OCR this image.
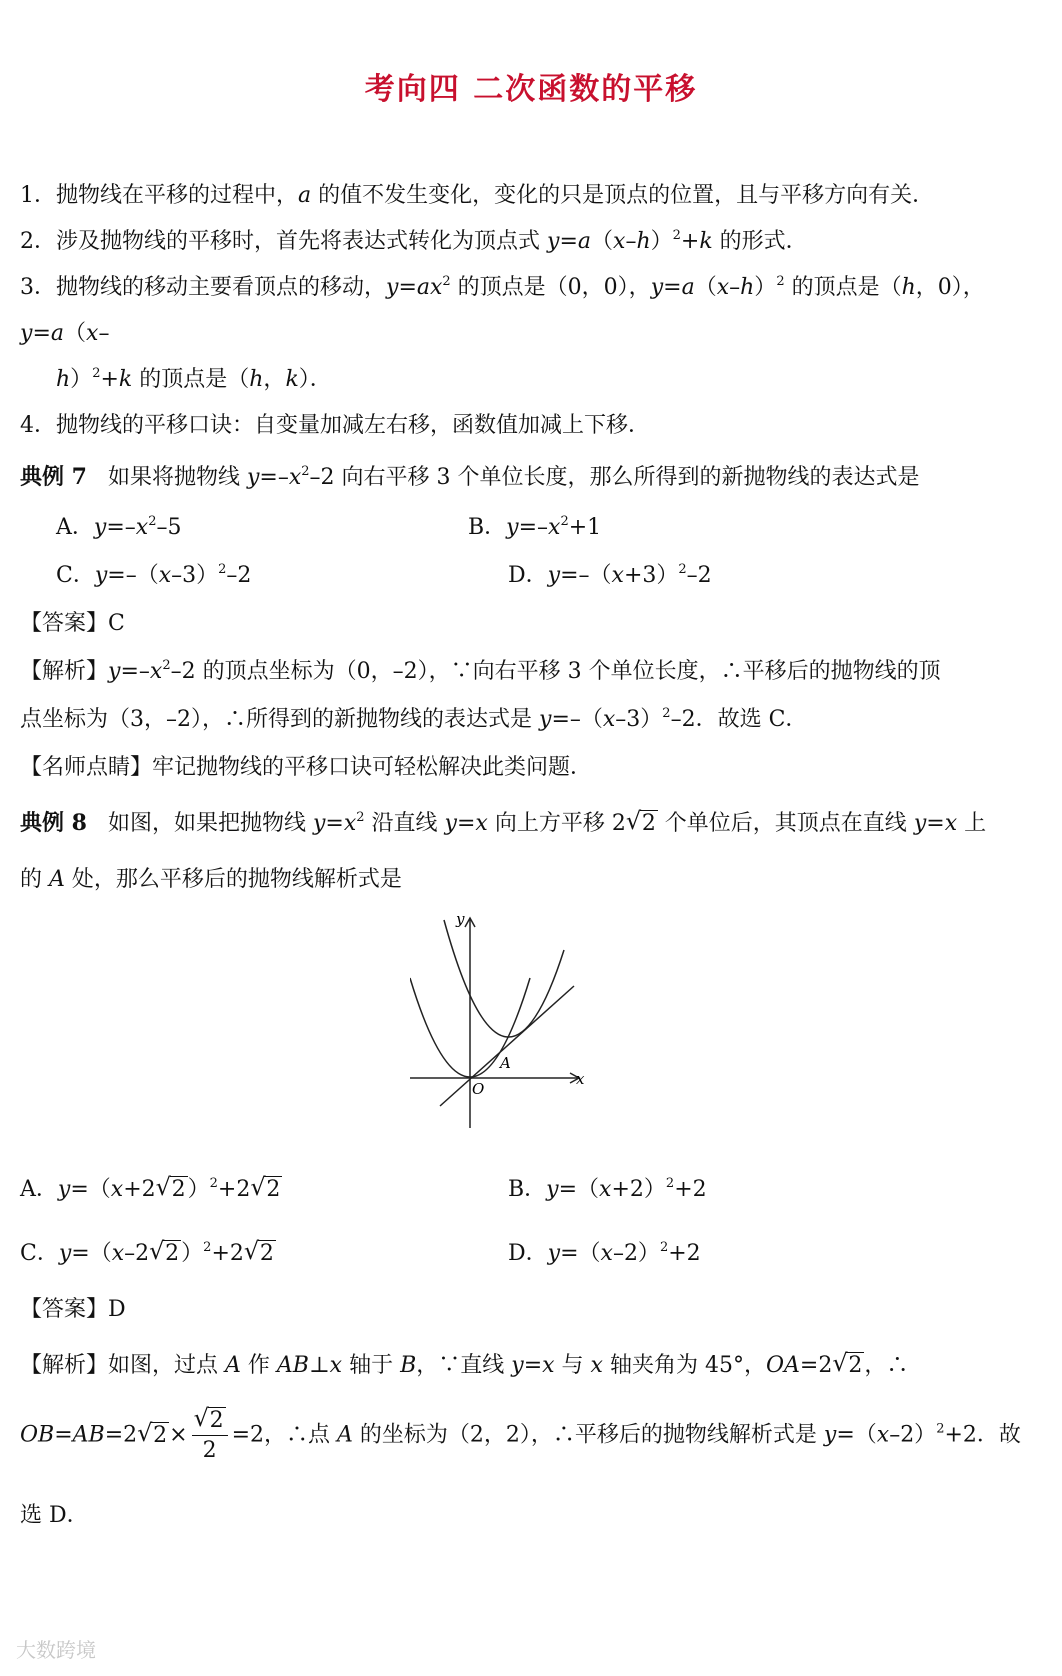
考向四 二次函数的平移
1．抛物线在平移的过程中，a 的值不发生变化，变化的只是顶点的位置，且与平移方向有关．
2．涉及抛物线的平移时，首先将表达式转化为顶点式 $y=a(x-h)^2+k$ 的形式．
3．抛物线的移动主要看顶点的移动，$y=ax^2$ 的顶点是（0，0），$y=a(x-h)^2$ 的顶点是（h，0），
y=a（x–
h）$^2$+k 的顶点是（h，k）．
4．抛物线的平移口诀：自变量加减左右移，函数值加减上下移．
典例 7   如果将抛物线 $y=-x^2-2$ 向右平移 3 个单位长度，那么所得到的新抛物线的表达式是
A．$y=-x^2-5$	B．$y=-x^2+1$
C．$y=-(x-3)^2-2$	D．$y=-(x+3)^2-2$
【答案】C
【解析】$y=-x^2-2$ 的顶点坐标为（0，–2），∵向右平移 3 个单位长度，∴平移后的抛物线的顶
点坐标为（3，–2），∴所得到的新抛物线的表达式是 $y=-(x-3)^2-2$．故选 C．
【名师点睛】牢记抛物线的平移口诀可轻松解决此类问题．
典例 8   如图，如果把抛物线 $y=x^2$ 沿直线 y=x 向上方平移 2 √ 2 个单位后，其顶点在直线 y=x 上
的 A 处，那么平移后的抛物线解析式是
y
x
O
A
A．y=（x+2 √ 2）$^2$+2 √ 2	B．$y=(x+2)^2+2$
C．y=（x–2 √ 2）$^2$+2 √ 2	D．$y=(x-2)^2+2$
【答案】D
【解析】如图，过点 A 作 AB⊥x 轴于 B，∵直线 y=x 与 x 轴夹角为 45°，OA=2 √ 2，∴
OB=AB=2 √ 2× √ $\frac{2}{2} =2$，∴点 A 的坐标为（2，2），∴平移后的抛物线解析式是 $y=(x-2)^2+2$．故
选 D．
大数跨境
